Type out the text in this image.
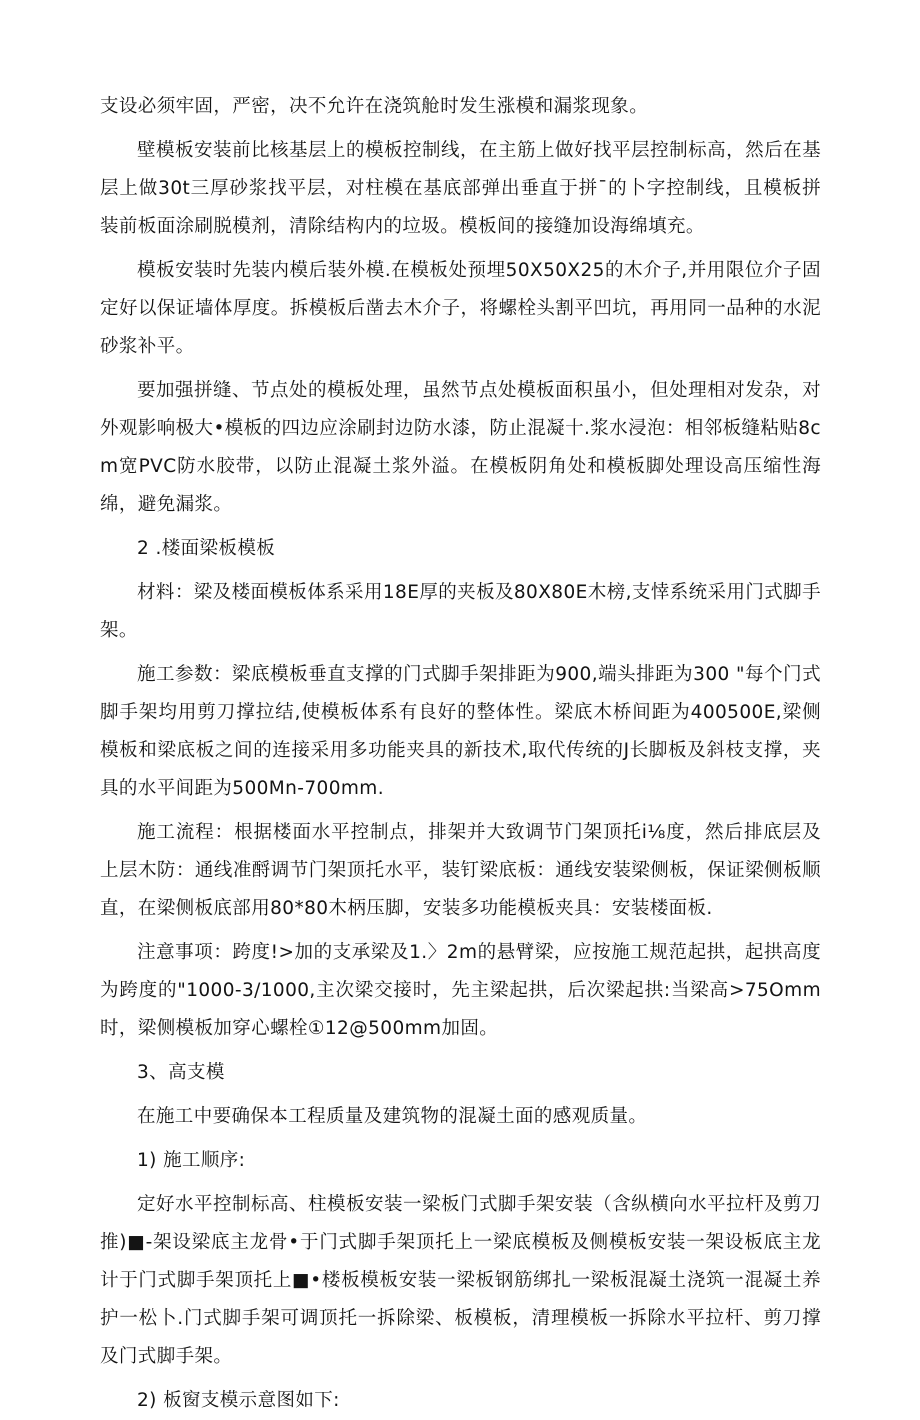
支设必须牢固，严密，决不允许在浇筑舱时发生涨模和漏浆现象。

壁模板安装前比核基层上的模板控制线，在主筋上做好找平层控制标高，然后在基层上做30t三厚砂浆找平层，对柱模在基底部弹出垂直于拼ˉ的卜字控制线，且模板拼装前板面涂刷脱模剂，清除结构内的垃圾。模板间的接缝加设海绵填充。

模板安装时先装内模后装外模.在模板处预埋50X50X25的木介子,并用限位介子固定好以保证墙体厚度。拆模板后凿去木介子，将螺栓头割平凹坑，再用同一品种的水泥砂浆补平。

要加强拼缝、节点处的模板处理，虽然节点处模板面积虽小，但处理相对发杂，对外观影响极大•模板的四边应涂刷封边防水漆，防止混凝十.浆水浸泡：相邻板缝粘贴8cm宽PVC防水胶带，以防止混凝土浆外溢。在模板阴角处和模板脚处理设高压缩性海绵，避免漏浆。

2 .楼面梁板模板

材料：梁及楼面模板体系采用18E厚的夹板及80X80E木榜,支悻系统采用门式脚手架。

施工参数：梁底模板垂直支撑的门式脚手架排距为900,端头排距为300 "每个门式脚手架均用剪刀撑拉结,使模板体系有良好的整体性。梁底木桥间距为400500E,梁侧模板和梁底板之间的连接采用多功能夹具的新技术,取代传统的J长脚板及斜枝支撑，夹具的水平间距为500Mn-700mm.

施工流程：根据楼面水平控制点，排架并大致调节门架顶托i⅛度，然后排底层及上层木防：通线准酹调节门架顶托水平，装钉梁底板：通线安装梁侧板，保证梁侧板顺直，在梁侧板底部用80*80木柄压脚，安装多功能模板夹具：安装楼面板.

注意事项：跨度!>加的支承梁及1.〉2m的悬臂梁，应按施工规范起拱，起拱高度为跨度的"1000-3/1000,主次梁交接时，先主梁起拱，后次梁起拱:当梁高>75Omm时，梁侧模板加穿心螺栓①12@500mm加固。

3、高支模

在施工中要确保本工程质量及建筑物的混凝土面的感观质量。

1) 施工顺序:

定好水平控制标高、柱模板安装一梁板门式脚手架安装（含纵横向水平拉杆及剪刀推)■-架设梁底主龙骨•于门式脚手架顶托上一梁底模板及侧模板安装一架设板底主龙计于门式脚手架顶托上■•楼板模板安装一梁板钢筋绑扎一梁板混凝土浇筑一混凝土养护一松卜.门式脚手架可调顶托一拆除梁、板模板，清理模板一拆除水平拉杆、剪刀撑及门式脚手架。

2) 板窗支模示意图如下:
